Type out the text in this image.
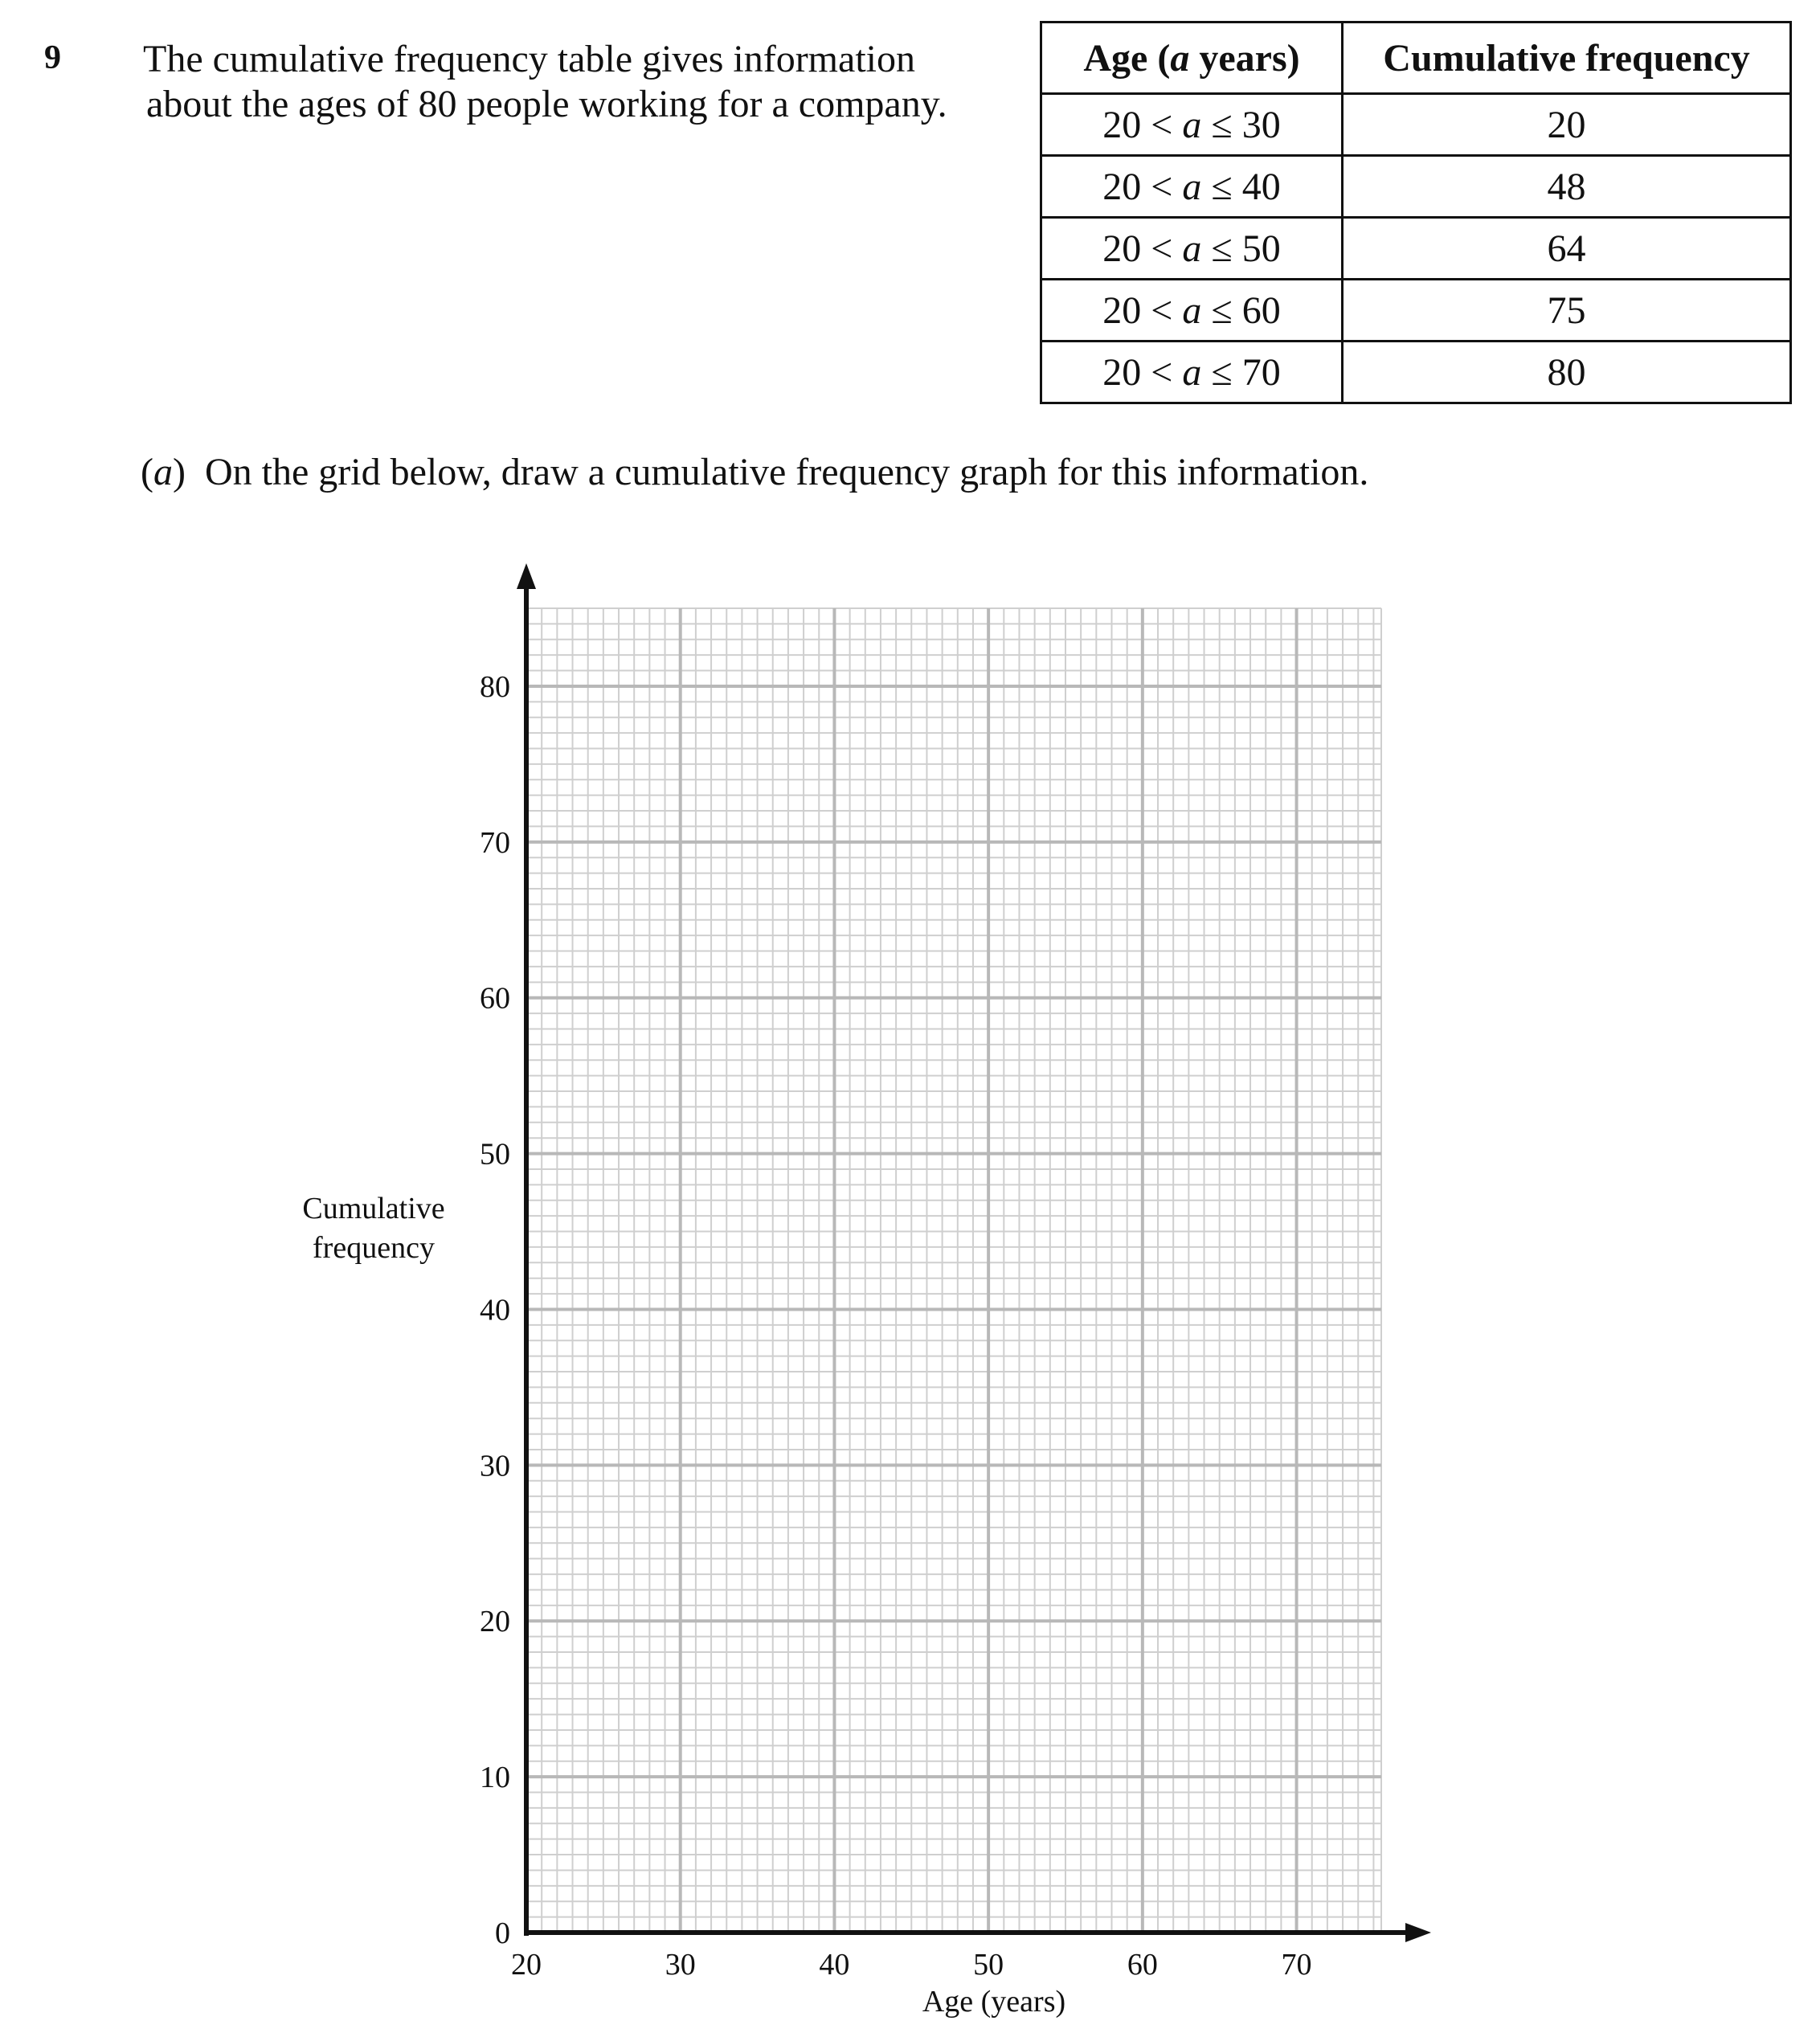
9 The cumulative frequency table gives information
about the ages of 80 people working for a company.
Age (a years)	Cumulative frequency
20 < a ≤ 30	20
20 < a ≤ 40	48
20 < a ≤ 50	64
20 < a ≤ 60	75
20 < a ≤ 70	80
(a) On the grid below, draw a cumulative frequency graph for this information.
0
10
20
30
40
50
60
70
80
20	30	40	50	60	70
Cumulative
frequency
Age (years)
